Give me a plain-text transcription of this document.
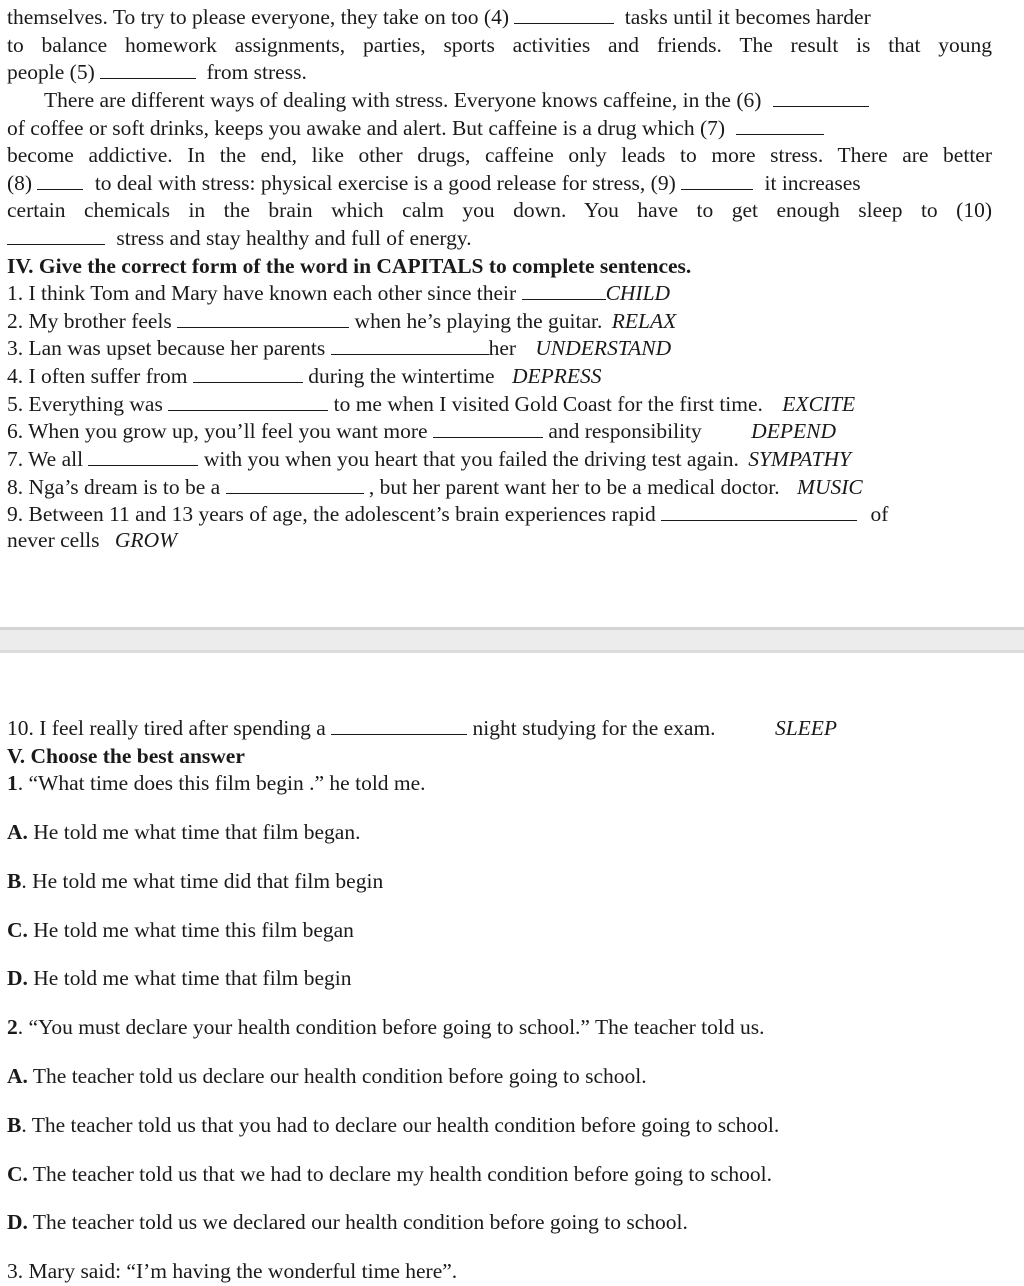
themselves. To try to please everyone, they take on too (4)	tasks until it becomes harder
to balance homework assignments, parties, sports activities and friends. The result is that young
people (5)	from stress.
There are different ways of dealing with stress. Everyone knows caffeine, in the (6)
of coffee or soft drinks, keeps you awake and alert. But caffeine is a drug which (7)
become addictive. In the end, like other drugs, caffeine only leads to more stress. There are better
(8)	to deal with stress: physical exercise is a good release for stress, (9)	it increases
certain chemicals in the brain which calm you down. You have to get enough sleep to (10)
stress and stay healthy and full of energy.
IV. Give the correct form of the word in CAPITALS to complete sentences.
1. I think Tom and Mary have known each other since their	CHILD
2. My brother feels	when he’s playing the guitar. RELAX
3. Lan was upset because her parents	her UNDERSTAND
4. I often suffer from	during the wintertime DEPRESS
5. Everything was	to me when I visited Gold Coast for the first time. EXCITE
6. When you grow up, you’ll feel you want more	and responsibility DEPEND
7. We all	with you when you heart that you failed the driving test again. SYMPATHY
8. Nga’s dream is to be a	, but her parent want her to be a medical doctor. MUSIC
9. Between 11 and 13 years of age, the adolescent’s brain experiences rapid	of
never cells GROW
10. I feel really tired after spending a	night studying for the exam.	SLEEP
V. Choose the best answer
1. “What time does this film begin .” he told me.
A. He told me what time that film began.
B. He told me what time did that film begin
C. He told me what time this film began
D. He told me what time that film begin
2. “You must declare your health condition before going to school.” The teacher told us.
A. The teacher told us declare our health condition before going to school.
B. The teacher told us that you had to declare our health condition before going to school.
C. The teacher told us that we had to declare my health condition before going to school.
D. The teacher told us we declared our health condition before going to school.
3. Mary said: “I’m having the wonderful time here”.
